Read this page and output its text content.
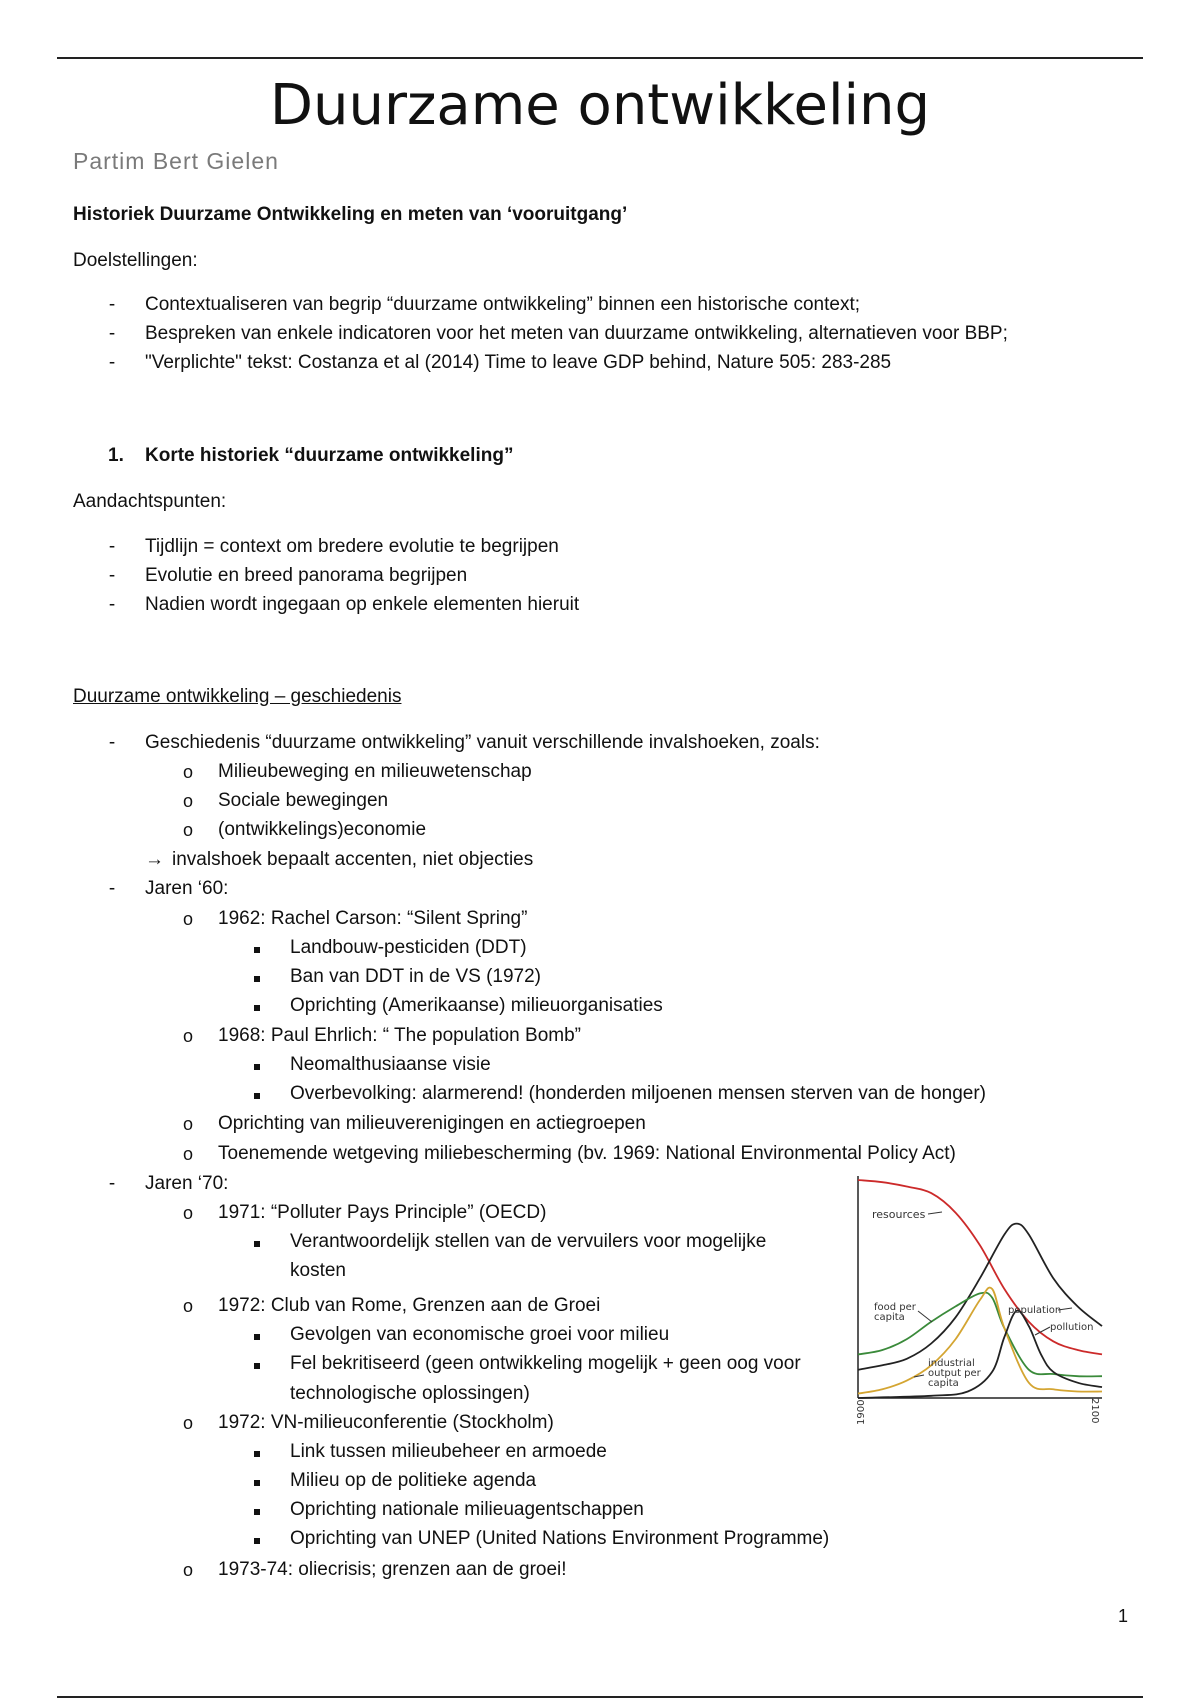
Duurzame ontwikkeling
Partim Bert Gielen
Historiek Duurzame Ontwikkeling en meten van ‘vooruitgang’
Doelstellingen:
-	Contextualiseren van begrip “duurzame ontwikkeling” binnen een historische context;
-	Bespreken van enkele indicatoren voor het meten van duurzame ontwikkeling, alternatieven voor BBP;
-	"Verplichte" tekst: Costanza et al (2014) Time to leave GDP behind, Nature 505: 283-285
1. Korte historiek “duurzame ontwikkeling”
Aandachtspunten:
-	Tijdlijn = context om bredere evolutie te begrijpen
-	Evolutie en breed panorama begrijpen
-	Nadien wordt ingegaan op enkele elementen hieruit
Duurzame ontwikkeling – geschiedenis
-	Geschiedenis “duurzame ontwikkeling” vanuit verschillende invalshoeken, zoals:
o Milieubeweging en milieuwetenschap
o Sociale bewegingen
o (ontwikkelings)economie
→ invalshoek bepaalt accenten, niet objecties
-	Jaren ‘60:
o 1962: Rachel Carson: “Silent Spring”
Landbouw-pesticiden (DDT)
Ban van DDT in de VS (1972)
Oprichting (Amerikaanse) milieuorganisaties
o 1968: Paul Ehrlich: “ The population Bomb”
Neomalthusiaanse visie
Overbevolking: alarmerend! (honderden miljoenen mensen sterven van de honger)
o Oprichting van milieuverenigingen en actiegroepen
o Toenemende wetgeving miliebescherming (bv. 1969: National Environmental Policy Act)
-	Jaren ‘70:
o 1971: “Polluter Pays Principle” (OECD)
Verantwoordelijk stellen van de vervuilers voor mogelijke
kosten
o 1972: Club van Rome, Grenzen aan de Groei
Gevolgen van economische groei voor milieu
Fel bekritiseerd (geen ontwikkeling mogelijk + geen oog voor
technologische oplossingen)
o 1972: VN-milieuconferentie (Stockholm)
Link tussen milieubeheer en armoede
Milieu op de politieke agenda
Oprichting nationale milieuagentschappen
Oprichting van UNEP (United Nations Environment Programme)
o 1973-74: oliecrisis; grenzen aan de groei!
resources
food per capita
population
pollution
industrial output per capita
1900	2100
1
